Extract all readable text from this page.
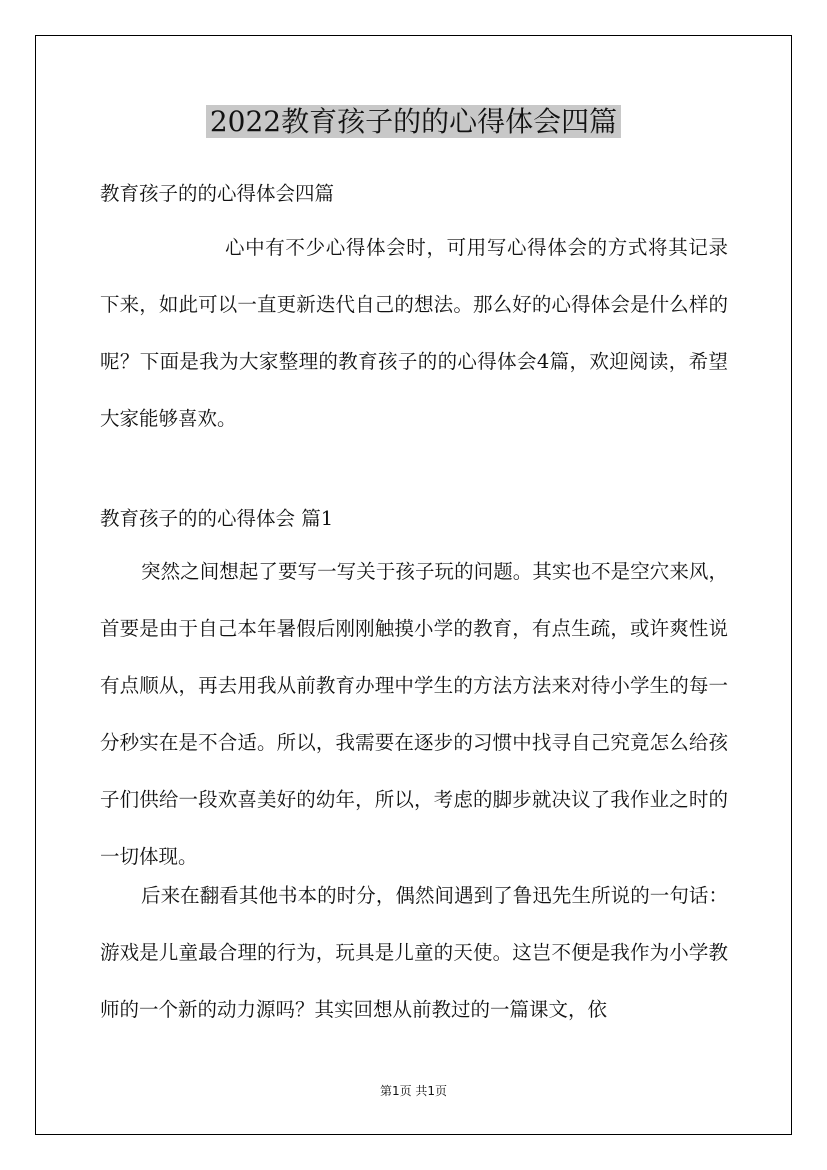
2022教育孩子的的心得体会四篇

教育孩子的的心得体会四篇

心中有不少心得体会时，可用写心得体会的方式将其记录下来，如此可以一直更新迭代自己的想法。那么好的心得体会是什么样的呢？下面是我为大家整理的教育孩子的的心得体会4篇，欢迎阅读，希望大家能够喜欢。

教育孩子的的心得体会 篇1

突然之间想起了要写一写关于孩子玩的问题。其实也不是空穴来风，首要是由于自己本年暑假后刚刚触摸小学的教育，有点生疏，或许爽性说有点顺从，再去用我从前教育办理中学生的方法方法来对待小学生的每一分秒实在是不合适。所以，我需要在逐步的习惯中找寻自己究竟怎么给孩子们供给一段欢喜美好的幼年，所以，考虑的脚步就决议了我作业之时的一切体现。

后来在翻看其他书本的时分，偶然间遇到了鲁迅先生所说的一句话：游戏是儿童最合理的行为，玩具是儿童的天使。这岂不便是我作为小学教师的一个新的动力源吗？其实回想从前教过的一篇课文，依

第1页 共1页
